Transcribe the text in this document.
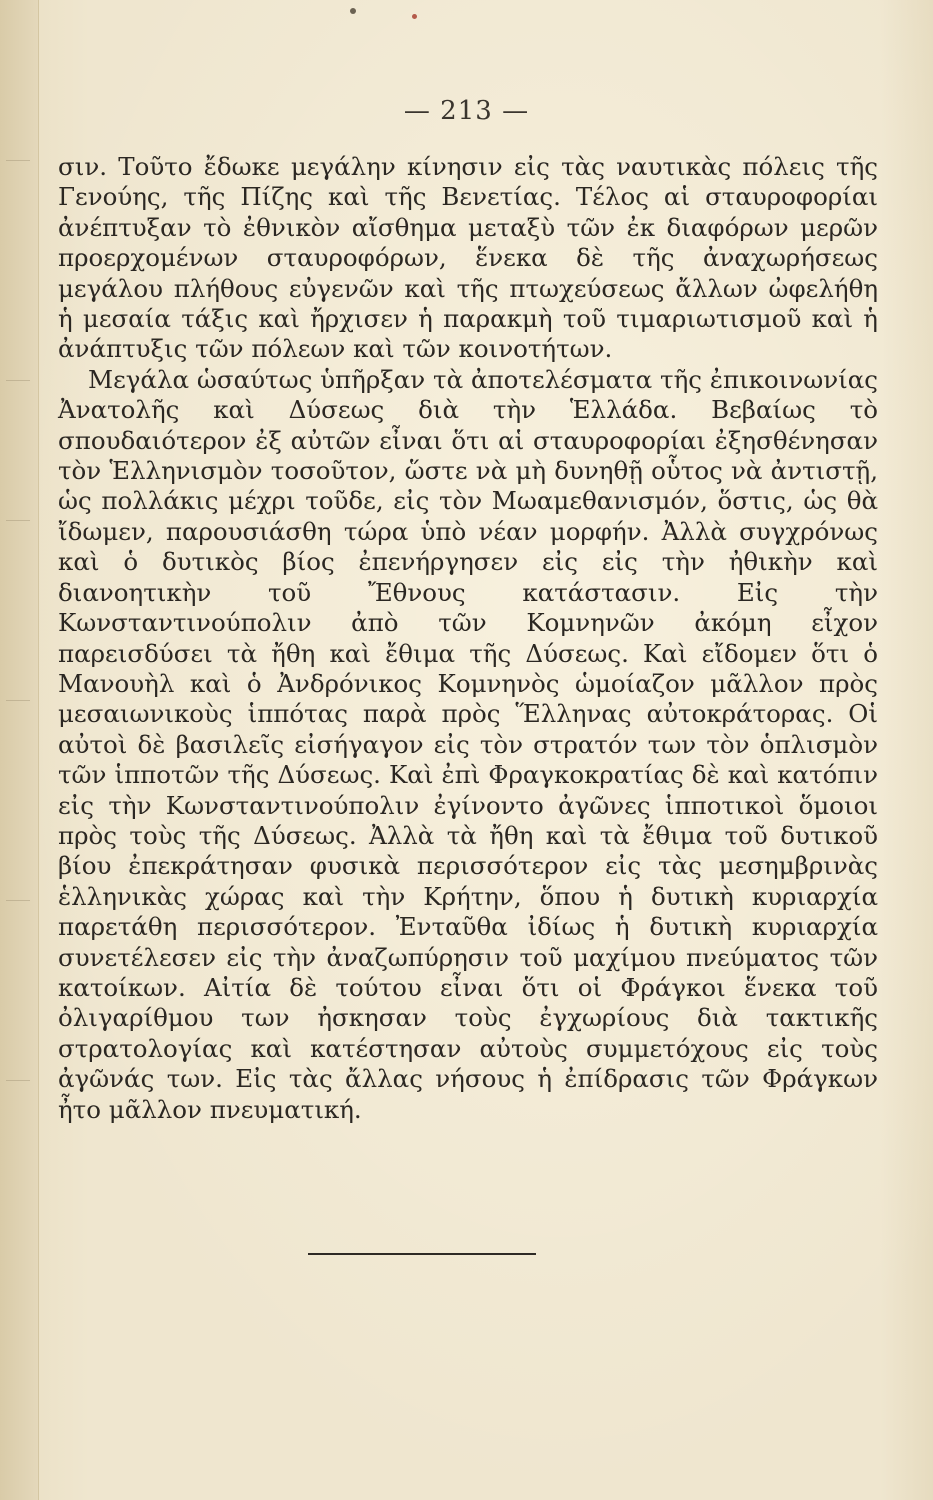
— 213 —

σιν. Τοῦτο ἔδωκε μεγάλην κίνησιν εἰς τὰς ναυτικὰς πόλεις τῆς Γενούης, τῆς Πίζης καὶ τῆς Βενετίας. Τέλος αἱ σταυροφορίαι ἀνέπτυξαν τὸ ἐθνικὸν αἴσθημα μεταξὺ τῶν ἐκ διαφόρων μερῶν προερχομένων σταυροφόρων, ἕνεκα δὲ τῆς ἀναχωρήσεως μεγάλου πλήθους εὐγενῶν καὶ τῆς πτωχεύσεως ἄλλων ὠφελήθη ἡ μεσαία τάξις καὶ ἤρχισεν ἡ παρακμὴ τοῦ τιμαριωτισμοῦ καὶ ἡ ἀνάπτυξις τῶν πόλεων καὶ τῶν κοινοτήτων.

Μεγάλα ὡσαύτως ὑπῆρξαν τὰ ἀποτελέσματα τῆς ἐπικοινωνίας Ἀνατολῆς καὶ Δύσεως διὰ τὴν Ἑλλάδα. Βεβαίως τὸ σπουδαιότερον ἐξ αὐτῶν εἶναι ὅτι αἱ σταυροφορίαι ἐξησθένησαν τὸν Ἑλληνισμὸν τοσοῦτον, ὥστε νὰ μὴ δυνηθῇ οὗτος νὰ ἀντιστῇ, ὡς πολλάκις μέχρι τοῦδε, εἰς τὸν Μωαμεθανισμόν, ὅστις, ὡς θὰ ἴδωμεν, παρουσιάσθη τώρα ὑπὸ νέαν μορφήν. Ἀλλὰ συγχρόνως καὶ ὁ δυτικὸς βίος ἐπενήργησεν εἰς εἰς τὴν ἠθικὴν καὶ διανοητικὴν τοῦ Ἔθνους κατάστασιν. Εἰς τὴν Κωνσταντινούπολιν ἀπὸ τῶν Κομνηνῶν ἀκόμη εἶχον παρεισδύσει τὰ ἤθη καὶ ἔθιμα τῆς Δύσεως. Καὶ εἴδομεν ὅτι ὁ Μανουὴλ καὶ ὁ Ἀνδρόνικος Κομνηνὸς ὡμοίαζον μᾶλλον πρὸς μεσαιωνικοὺς ἱππότας παρὰ πρὸς Ἕλληνας αὐτοκράτορας. Οἱ αὐτοὶ δὲ βασιλεῖς εἰσήγαγον εἰς τὸν στρατόν των τὸν ὁπλισμὸν τῶν ἱπποτῶν τῆς Δύσεως. Καὶ ἐπὶ Φραγκοκρατίας δὲ καὶ κατόπιν εἰς τὴν Κωνσταντινούπολιν ἐγίνοντο ἀγῶνες ἱπποτικοὶ ὅμοιοι πρὸς τοὺς τῆς Δύσεως. Ἀλλὰ τὰ ἤθη καὶ τὰ ἔθιμα τοῦ δυτικοῦ βίου ἐπεκράτησαν φυσικὰ περισσότερον εἰς τὰς μεσημβρινὰς ἑλληνικὰς χώρας καὶ τὴν Κρήτην, ὅπου ἡ δυτικὴ κυριαρχία παρετάθη περισσότερον. Ἐνταῦθα ἰδίως ἡ δυτικὴ κυριαρχία συνετέλεσεν εἰς τὴν ἀναζωπύρησιν τοῦ μαχίμου πνεύματος τῶν κατοίκων. Αἰτία δὲ τούτου εἶναι ὅτι οἱ Φράγκοι ἕνεκα τοῦ ὀλιγαρίθμου των ἠσκησαν τοὺς ἐγχωρίους διὰ τακτικῆς στρατολογίας καὶ κατέστησαν αὐτοὺς συμμετόχους εἰς τοὺς ἀγῶνάς των. Εἰς τὰς ἄλλας νήσους ἡ ἐπίδρασις τῶν Φράγκων ἦτο μᾶλλον πνευματική.
